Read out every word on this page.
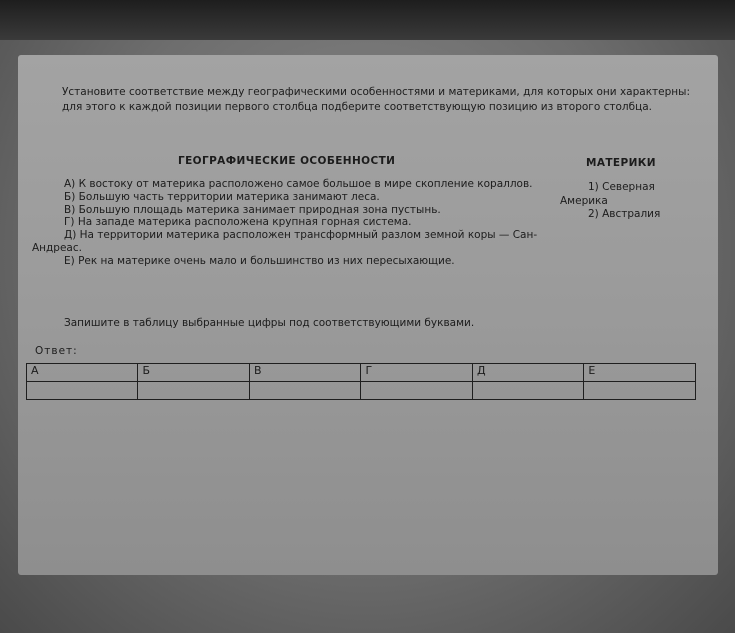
Установите соответствие между географическими особенностями и материками, для которых они характерны: для этого к каждой позиции первого столбца подберите соответствующую позицию из второго столбца.

ГЕОГРАФИЧЕСКИЕ ОСОБЕННОСТИ	МАТЕРИКИ
А) К востоку от материка расположено самое большое в мире скопление кораллов.
Б) Большую часть территории материка занимают леса.
В) Большую площадь материка занимает природная зона пустынь.
Г) На западе материка расположена крупная горная система.
Д) На территории материка расположен трансформный разлом земной коры — Сан-Андреас.
Е) Рек на материке очень мало и большинство из них пересыхающие.
1) Северная Америка
2) Австралия

Запишите в таблицу выбранные цифры под соответствующими буквами.

Ответ:

А	Б	В	Г	Д	Е
